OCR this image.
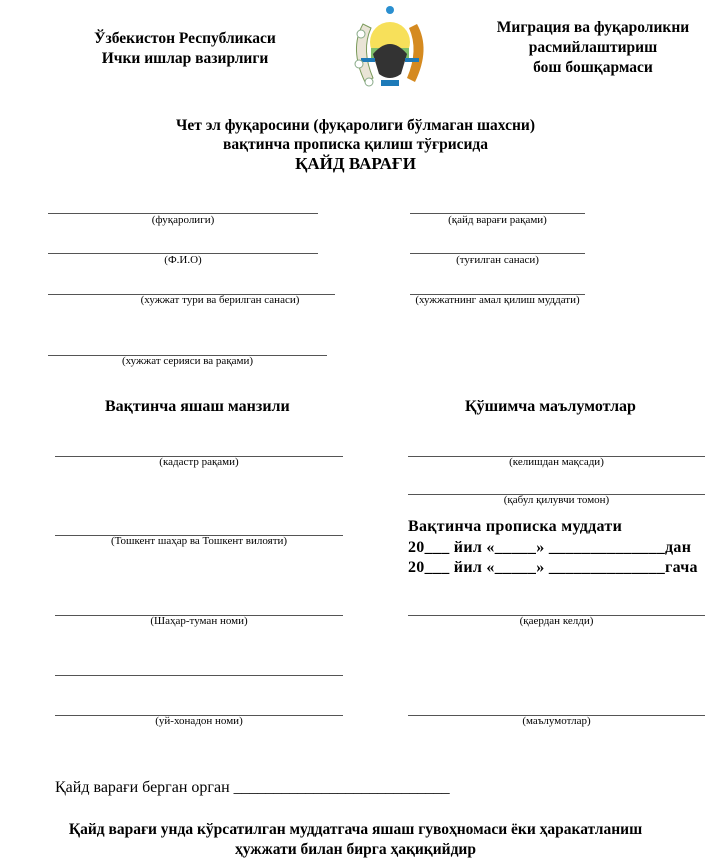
Ўзбекистон Республикаси
Ички ишлар вазирлиги
Миграция ва фуқароликни
расмийлаштириш
бош бошқармаси
Чет эл фуқаросини (фуқаролиги бўлмаган шахсни)
вақтинча прописка қилиш тўғрисида
ҚАЙД ВАРАҒИ
(фуқаролиги)	(қайд варағи рақами)
(Ф.И.О)	(туғилган санаси)
(хужжат тури ва берилган санаси)	(хужжатнинг амал қилиш муддати)
(хужжат серияси ва рақами)
Вақтинча яшаш манзили	Қўшимча маълумотлар
(кадастр рақами)
(Тошкент шаҳар ва Тошкент вилояти)
(Шаҳар-туман номи)
(уй-хонадон номи)
(келишдан мақсади)
(қабул қилувчи томон)
Вақтинча прописка муддати
20___ йил «_____» ______________дан
20___ йил «_____» ______________гача
(қаердан келди)
(маълумотлар)
Қайд варағи берган орган ___________________________
Қайд варағи унда кўрсатилган муддатгача яшаш гувоҳномаси ёки ҳаракатланиш
ҳужжати билан бирга ҳақиқийдир
